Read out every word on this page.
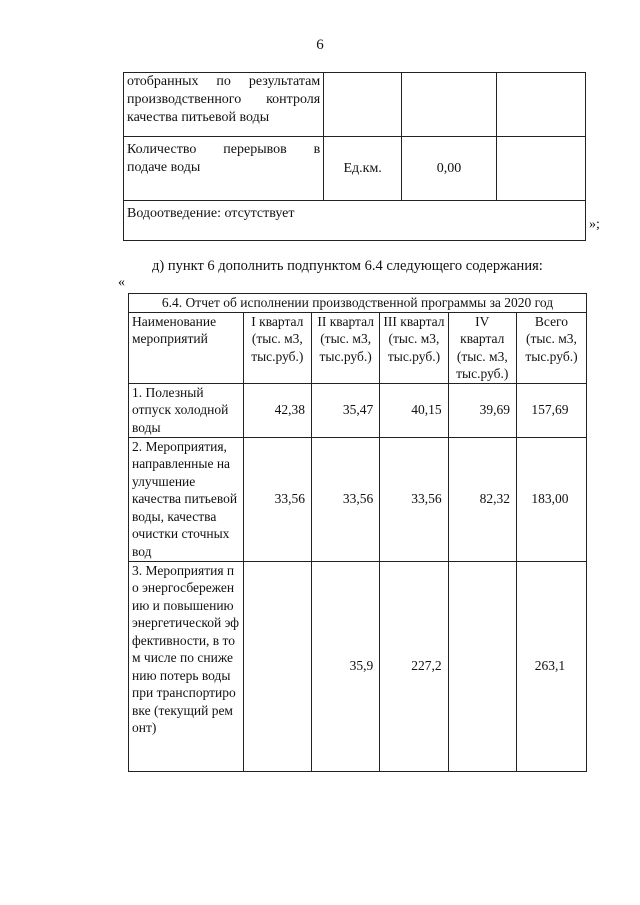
6
отобранных по результатам
производственного контроля
качества питьевой воды			

Количество перерывов в
подаче воды	Ед.км.	0,00	
Водоотведение: отсутствует			
»;
д) пункт 6 дополнить подпунктом 6.4 следующего содержания:
«
6.4. Отчет об исполнении производственной программы за 2020 год					
Наименование мероприятий	I квартал (тыс. м3, тыс.руб.)	II квартал (тыс. м3, тыс.руб.)	III квартал (тыс. м3, тыс.руб.)	IV квартал (тыс. м3, тыс.руб.)	Всего (тыс. м3, тыс.руб.)
1. Полезный отпуск холодной воды	42,38	35,47	40,15	39,69	157,69
2. Мероприятия, направленные на улучшение качества питьевой воды, качества очистки сточных вод	33,56	33,56	33,56	82,32	183,00
3. Мероприятия по энергосбережению и повышению энергетической эффективности, в том числе по снижению потерь воды при транспортировке (текущий ремонт)		35,9	227,2		263,1
